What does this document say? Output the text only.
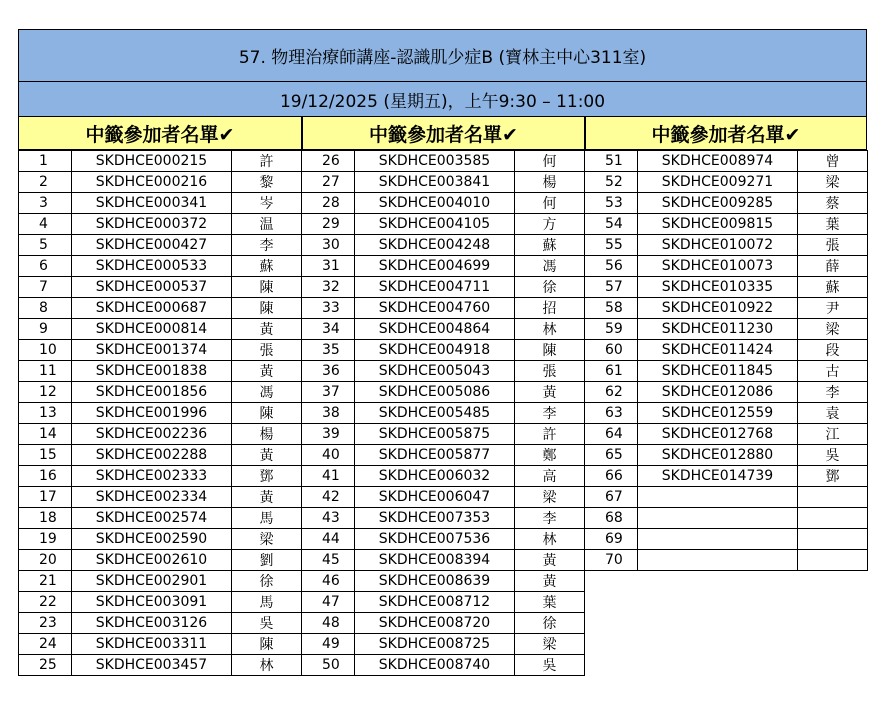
57. 物理治療師講座-認識肌少症B (寶林主中心311室)
19/12/2025 (星期五)，上午9:30 – 11:00
中籤參加者名單✔	中籤參加者名單✔	中籤參加者名單✔
1	SKDHCE000215	許
2	SKDHCE000216	黎
3	SKDHCE000341	岑
4	SKDHCE000372	温
5	SKDHCE000427	李
6	SKDHCE000533	蘇
7	SKDHCE000537	陳
8	SKDHCE000687	陳
9	SKDHCE000814	黃
10	SKDHCE001374	張
11	SKDHCE001838	黃
12	SKDHCE001856	馮
13	SKDHCE001996	陳
14	SKDHCE002236	楊
15	SKDHCE002288	黃
16	SKDHCE002333	鄧
17	SKDHCE002334	黃
18	SKDHCE002574	馬
19	SKDHCE002590	梁
20	SKDHCE002610	劉
21	SKDHCE002901	徐
22	SKDHCE003091	馬
23	SKDHCE003126	吳
24	SKDHCE003311	陳
25	SKDHCE003457	林
26	SKDHCE003585	何
27	SKDHCE003841	楊
28	SKDHCE004010	何
29	SKDHCE004105	方
30	SKDHCE004248	蘇
31	SKDHCE004699	馮
32	SKDHCE004711	徐
33	SKDHCE004760	招
34	SKDHCE004864	林
35	SKDHCE004918	陳
36	SKDHCE005043	張
37	SKDHCE005086	黃
38	SKDHCE005485	李
39	SKDHCE005875	許
40	SKDHCE005877	鄭
41	SKDHCE006032	高
42	SKDHCE006047	梁
43	SKDHCE007353	李
44	SKDHCE007536	林
45	SKDHCE008394	黃
46	SKDHCE008639	黃
47	SKDHCE008712	葉
48	SKDHCE008720	徐
49	SKDHCE008725	梁
50	SKDHCE008740	吳
51	SKDHCE008974	曾
52	SKDHCE009271	梁
53	SKDHCE009285	蔡
54	SKDHCE009815	葉
55	SKDHCE010072	張
56	SKDHCE010073	薛
57	SKDHCE010335	蘇
58	SKDHCE010922	尹
59	SKDHCE011230	梁
60	SKDHCE011424	段
61	SKDHCE011845	古
62	SKDHCE012086	李
63	SKDHCE012559	袁
64	SKDHCE012768	江
65	SKDHCE012880	吳
66	SKDHCE014739	鄧
67		
68		
69		
70		
